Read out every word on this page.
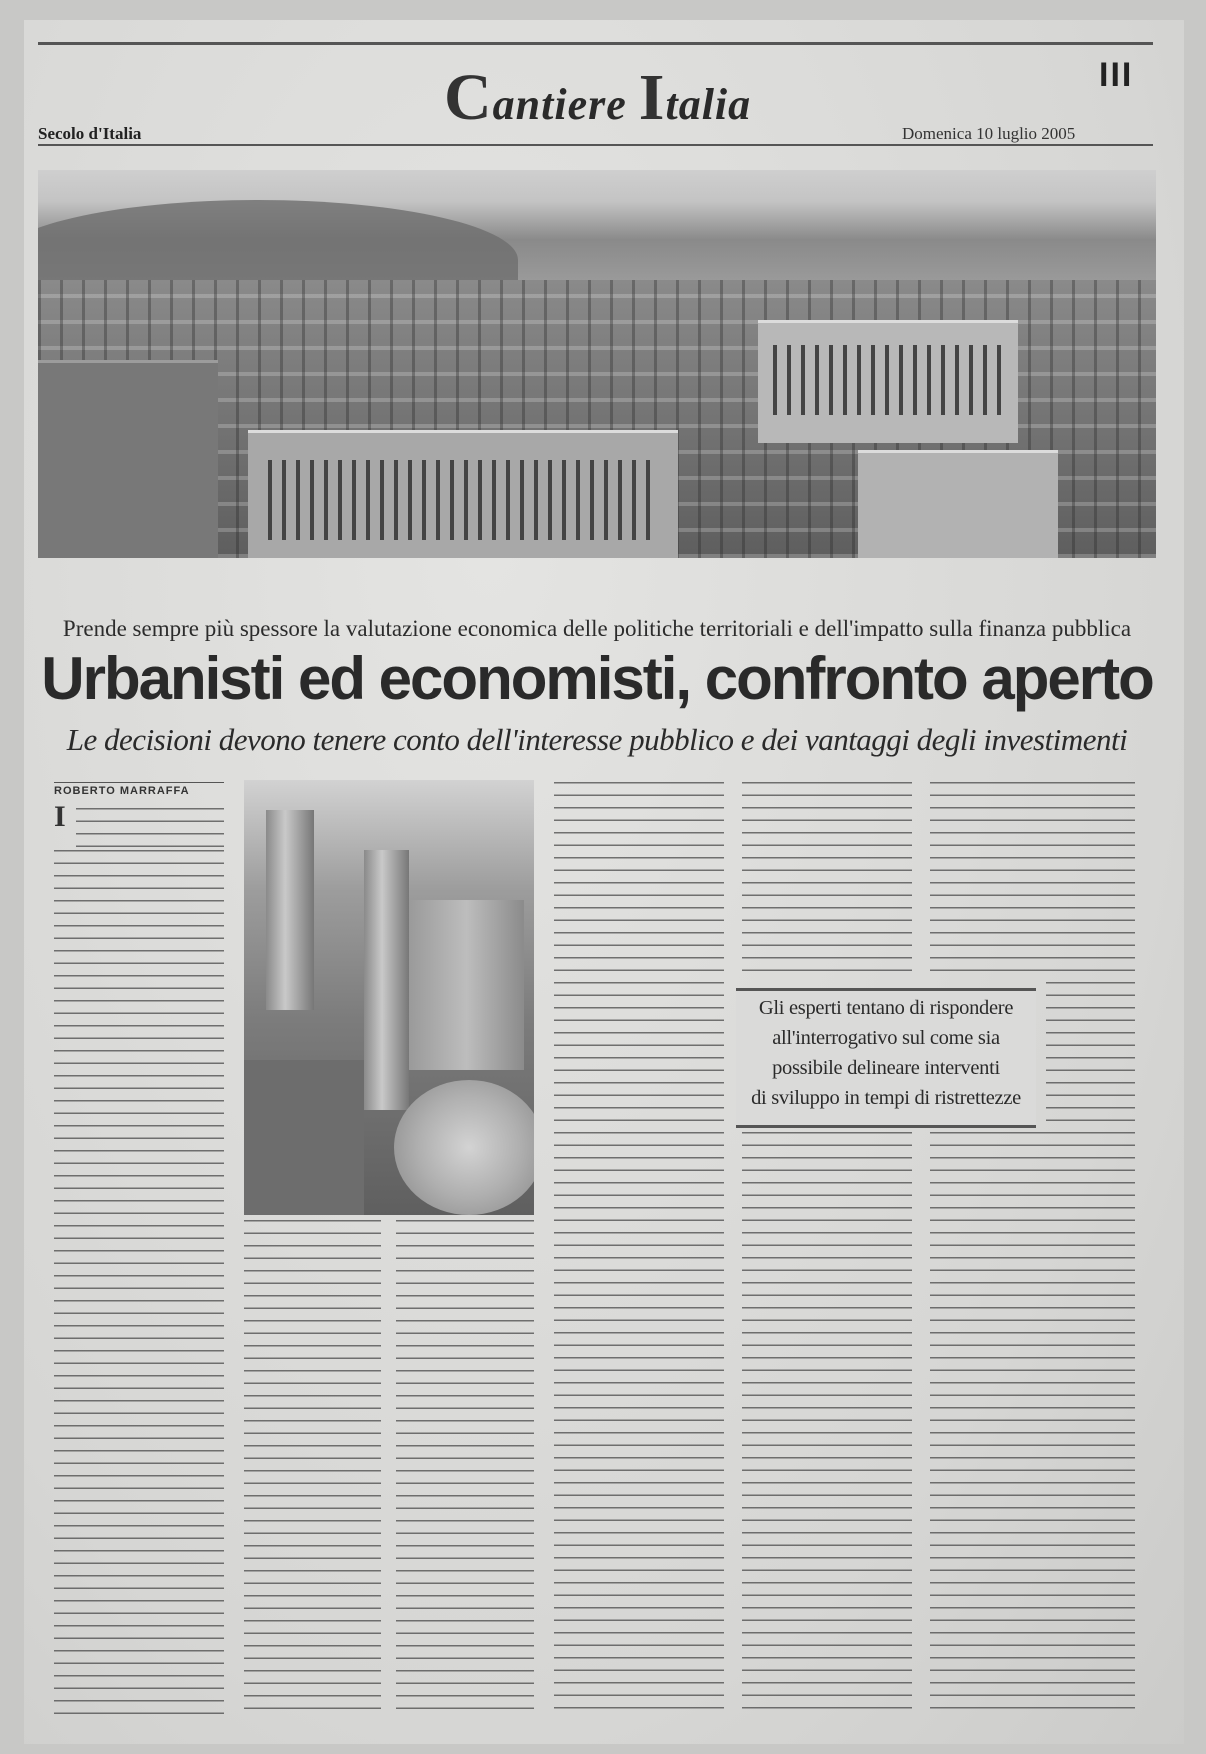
Cantiere Italia
III
Secolo d'Italia	Domenica 10 luglio 2005
Prende sempre più spessore la valutazione economica delle politiche territoriali e dell'impatto sulla finanza pubblica
Urbanisti ed economisti, confronto aperto
Le decisioni devono tenere conto dell'interesse pubblico e dei vantaggi degli investimenti
ROBERTO MARRAFFA
I
Gli esperti tentano di rispondere
all'interrogativo sul come sia
possibile delineare interventi
di sviluppo in tempi di ristrettezze
